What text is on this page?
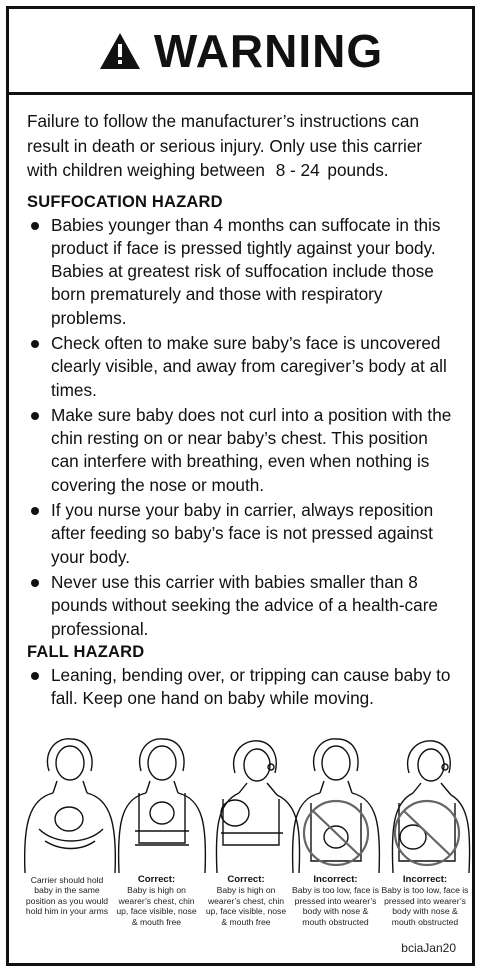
WARNING

Failure to follow the manufacturer’s instructions can result in death or serious injury. Only use this carrier with children weighing between 8 - 24 pounds.

SUFFOCATION HAZARD
Babies younger than 4 months can suffocate in this product if face is pressed tightly against your body. Babies at greatest risk of suffocation include those born prematurely and those with respiratory problems.
Check often to make sure baby’s face is uncovered clearly visible, and away from caregiver’s body at all times.
Make sure baby does not curl into a position with the chin resting on or near baby’s chest. This position can interfere with breathing, even when nothing is covering the nose or mouth.
If you nurse your baby in carrier, always reposition after feeding so baby’s face is not pressed against your body.
Never use this carrier with babies smaller than 8 pounds without seeking the advice of a health-care professional.
FALL HAZARD
Leaning, bending over, or tripping can cause baby to fall. Keep one hand on baby while moving.
Carrier should hold baby in the same position as you would hold him in your arms
Correct:
Baby is high on wearer’s chest, chin up, face visible, nose & mouth free
Correct:
Baby is high on wearer’s chest, chin up, face visible, nose & mouth free
Incorrect:
Baby is too low, face is pressed into wearer’s body with nose & mouth obstructed
Incorrect:
Baby is too low, face is pressed into wearer’s body with nose & mouth obstructed
bciaJan20
